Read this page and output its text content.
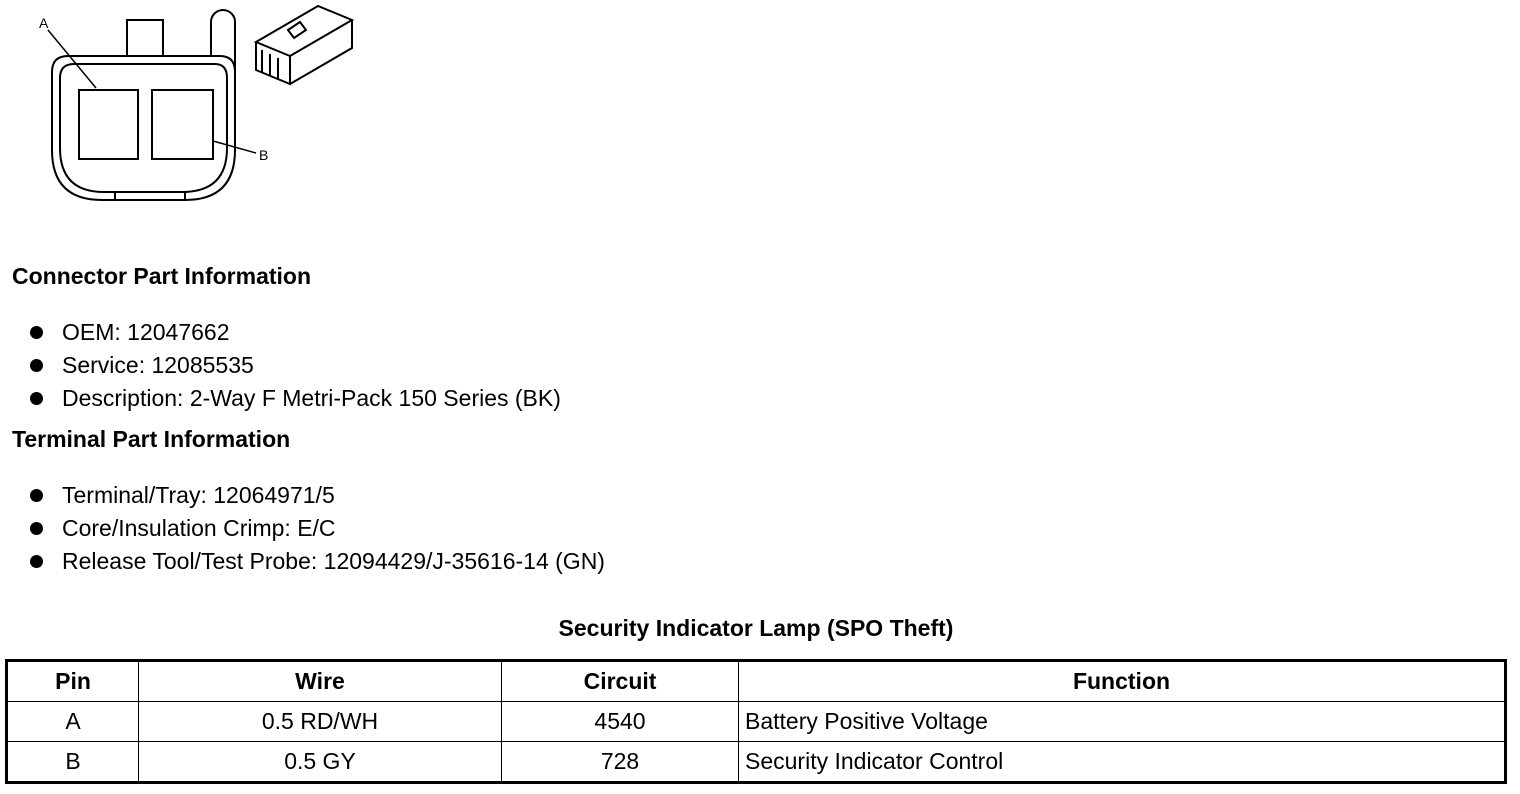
A
B
Connector Part Information
OEM: 12047662
Service: 12085535
Description: 2-Way F Metri-Pack 150 Series (BK)
Terminal Part Information
Terminal/Tray: 12064971/5
Core/Insulation Crimp: E/C
Release Tool/Test Probe: 12094429/J-35616-14 (GN)
Security Indicator Lamp (SPO Theft)
Pin	Wire	Circuit	Function
A	0.5 RD/WH	4540	Battery Positive Voltage
B	0.5 GY	728	Security Indicator Control
